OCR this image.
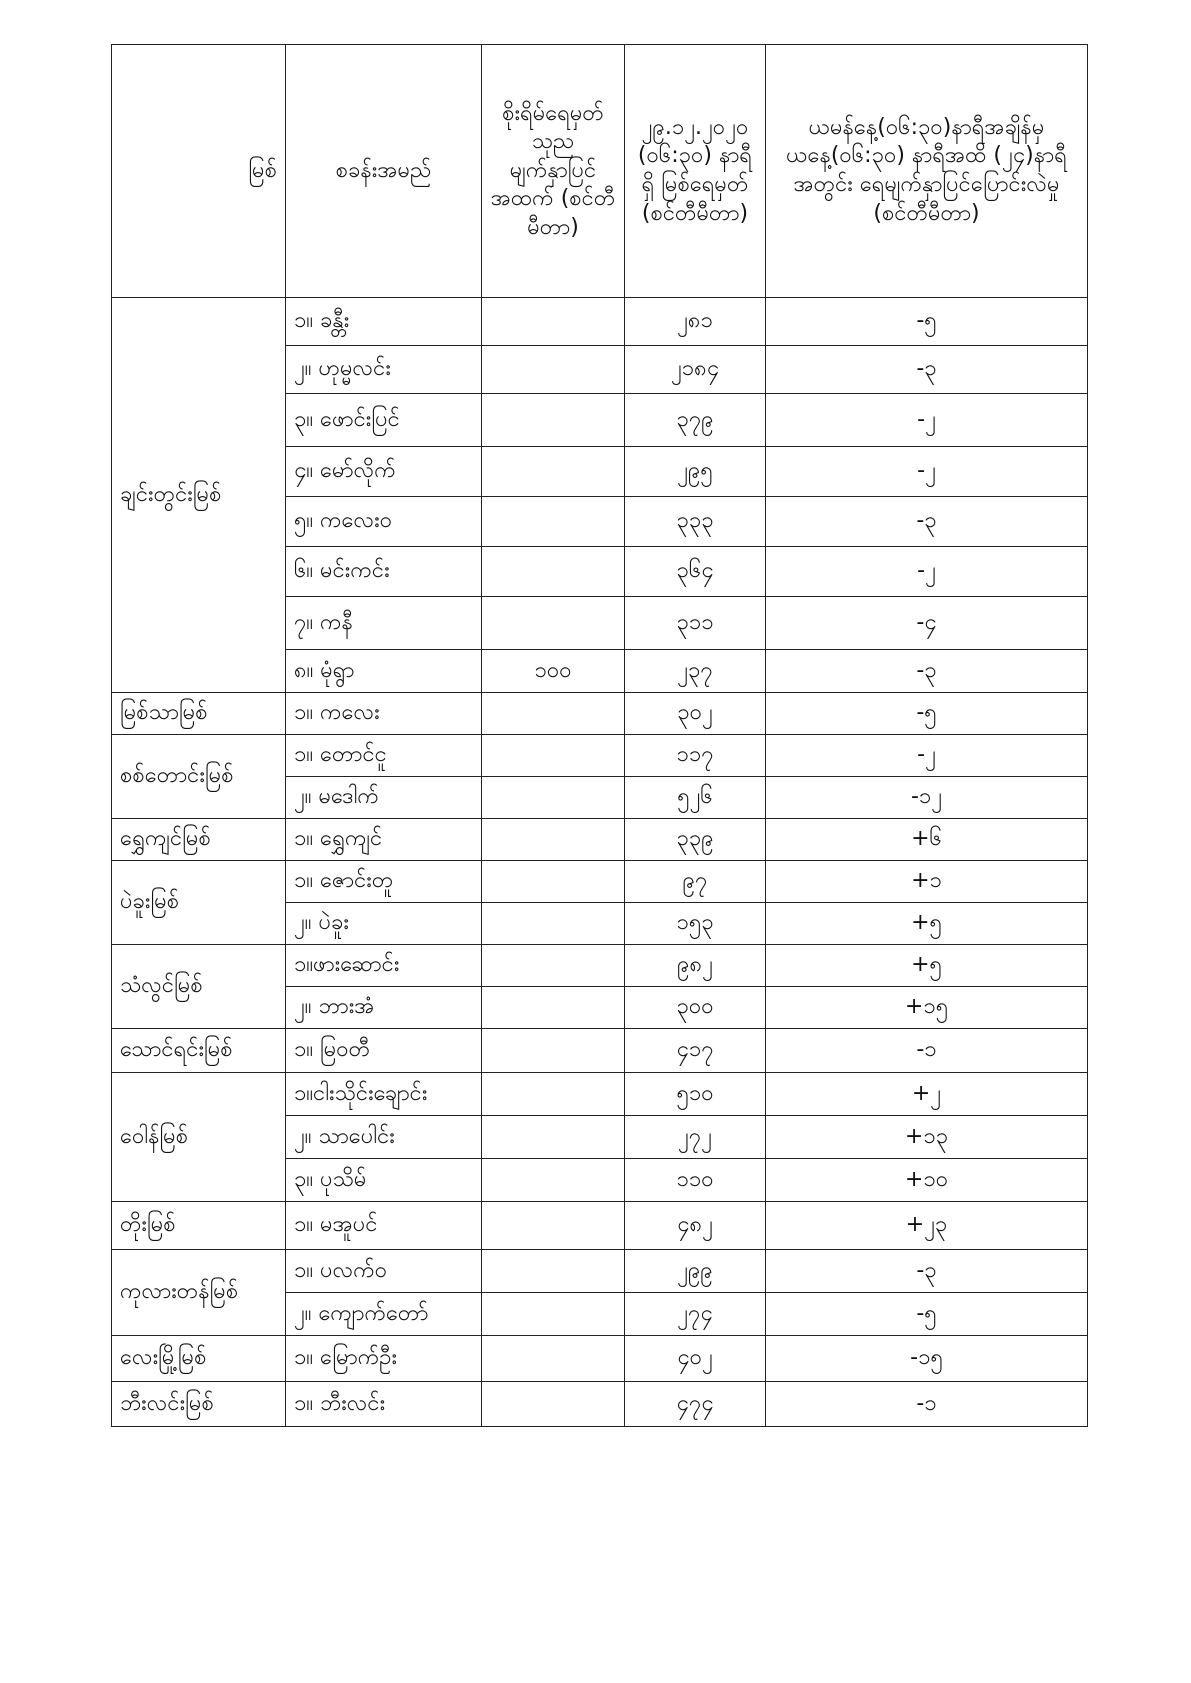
မြစ်	စခန်းအမည်	စိုးရိမ်ရေမှတ် သုည မျက်နှာပြင် အထက် (စင်တီမီတာ)	၂၉.၁၂.၂၀၂၀ (၀၆:၃၀) နာရီရှိ မြစ်ရေမှတ် (စင်တီမီတာ)	ယမန်နေ့(၀၆:၃၀)နာရီအချိန်မှ ယနေ့(၀၆:၃၀) နာရီအထိ (၂၄)နာရီအတွင်း ရေမျက်နှာပြင်ပြောင်းလဲမှု (စင်တီမီတာ)
ချင်းတွင်းမြစ်	၁။ ခန္တီး		၂၈၁	-၅
	၂။ ဟုမ္မလင်း		၂၁၈၄	-၃
	၃။ ဖောင်းပြင်		၃၇၉	-၂
	၄။ မော်လိုက်		၂၉၅	-၂
	၅။ ကလေးဝ		၃၃၃	-၃
	၆။ မင်းကင်း		၃၆၄	-၂
	၇။ ကနီ		၃၁၁	-၄
	၈။ မုံရွာ	၁၀၀	၂၃၇	-၃
မြစ်သာမြစ်	၁။ ကလေး		၃၀၂	-၅
စစ်တောင်းမြစ်	၁။ တောင်ငူ		၁၁၇	-၂
	၂။ မဒေါက်		၅၂၆	-၁၂
ရွှေကျင်မြစ်	၁။ ရွှေကျင်		၃၃၉	+၆
ပဲခူးမြစ်	၁။ ဇောင်းတူ		၉၇	+၁
	၂။ ပဲခူး		၁၅၃	+၅
သံလွင်မြစ်	၁။ဖားဆောင်း		၉၈၂	+၅
	၂။ ဘားအံ		၃၀၀	+၁၅
သောင်ရင်းမြစ်	၁။ မြဝတီ		၄၁၇	-၁
ဝေါန်မြစ်	၁။ငါးသိုင်းချောင်း		၅၁၀	+၂
	၂။ သာပေါင်း		၂၇၂	+၁၃
	၃။ ပုသိမ်		၁၁၀	+၁၀
တိုးမြစ်	၁။ မအူပင်		၄၈၂	+၂၃
ကုလားတန်မြစ်	၁။ ပလက်ဝ		၂၉၉	-၃
	၂။ ကျောက်တော်		၂၇၄	-၅
လေးမြို့မြစ်	၁။ မြောက်ဦး		၄၀၂	-၁၅
ဘီးလင်းမြစ်	၁။ ဘီးလင်း		၄၇၄	-၁
